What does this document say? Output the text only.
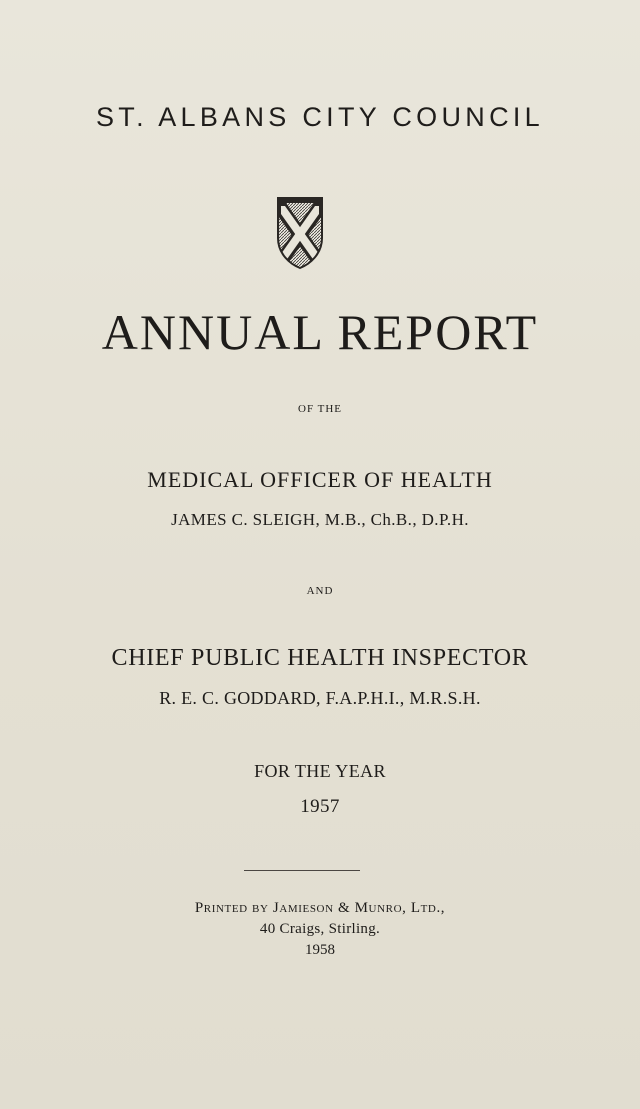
ST. ALBANS CITY COUNCIL
ANNUAL REPORT
OF THE
MEDICAL OFFICER OF HEALTH
JAMES C. SLEIGH, M.B., Ch.B., D.P.H.
AND
CHIEF PUBLIC HEALTH INSPECTOR
R. E. C. GODDARD, F.A.P.H.I., M.R.S.H.
FOR THE YEAR
1957
Printed by Jamieson & Munro, Ltd.,
40 Craigs, Stirling.
1958
